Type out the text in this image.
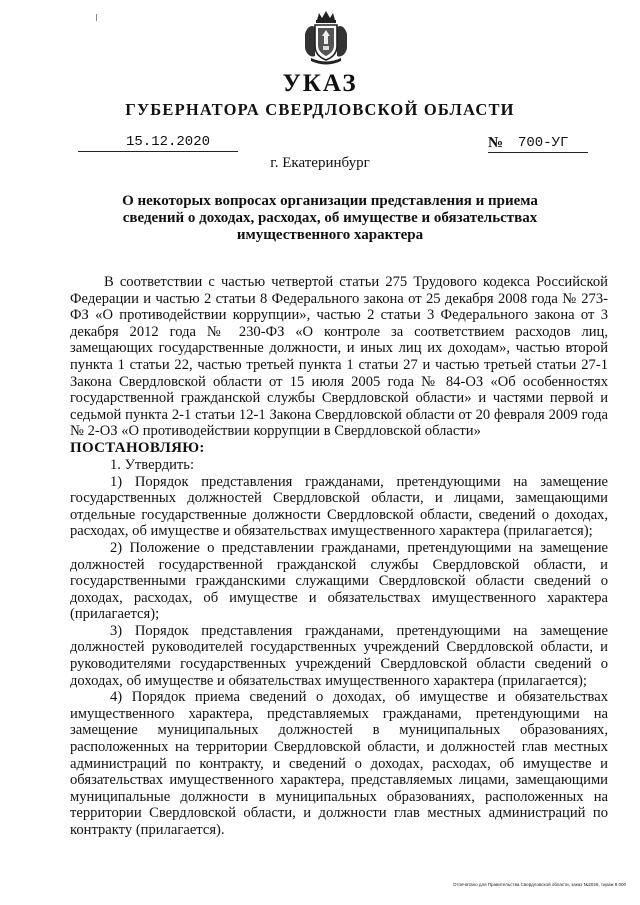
УКАЗ
ГУБЕРНАТОРА СВЕРДЛОВСКОЙ ОБЛАСТИ
15.12.2020	№ 700-УГ
г. Екатеринбург
О некоторых вопросах организации представления и приема сведений о доходах, расходах, об имуществе и обязательствах имущественного характера

В соответствии с частью четвертой статьи 275 Трудового кодекса Российской Федерации и частью 2 статьи 8 Федерального закона от 25 декабря 2008 года № 273-ФЗ «О противодействии коррупции», частью 2 статьи 3 Федерального закона от 3 декабря 2012 года № 230-ФЗ «О контроле за соответствием расходов лиц, замещающих государственные должности, и иных лиц их доходам», частью второй пункта 1 статьи 22, частью третьей пункта 1 статьи 27 и частью третьей статьи 27-1 Закона Свердловской области от 15 июля 2005 года № 84-ОЗ «Об особенностях государственной гражданской службы Свердловской области» и частями первой и седьмой пункта 2-1 статьи 12-1 Закона Свердловской области от 20 февраля 2009 года № 2-ОЗ «О противодействии коррупции в Свердловской области»

ПОСТАНОВЛЯЮ:

1. Утвердить:

1) Порядок представления гражданами, претендующими на замещение государственных должностей Свердловской области, и лицами, замещающими отдельные государственные должности Свердловской области, сведений о доходах, расходах, об имуществе и обязательствах имущественного характера (прилагается);

2) Положение о представлении гражданами, претендующими на замещение должностей государственной гражданской службы Свердловской области, и государственными гражданскими служащими Свердловской области сведений о доходах, расходах, об имуществе и обязательствах имущественного характера (прилагается);

3) Порядок представления гражданами, претендующими на замещение должностей руководителей государственных учреждений Свердловской области, и руководителями государственных учреждений Свердловской области сведений о доходах, об имуществе и обязательствах имущественного характера (прилагается);

4) Порядок приема сведений о доходах, об имуществе и обязательствах имущественного характера, представляемых гражданами, претендующими на замещение муниципальных должностей в муниципальных образованиях, расположенных на территории Свердловской области, и должностей глав местных администраций по контракту, и сведений о доходах, расходах, об имуществе и обязательствах имущественного характера, представляемых лицами, замещающими муниципальные должности в муниципальных образованиях, расположенных на территории Свердловской области, и должности глав местных администраций по контракту (прилагается).

Отпечатано для Правительства Свердловской области, заказ №2026, тираж 8 000
